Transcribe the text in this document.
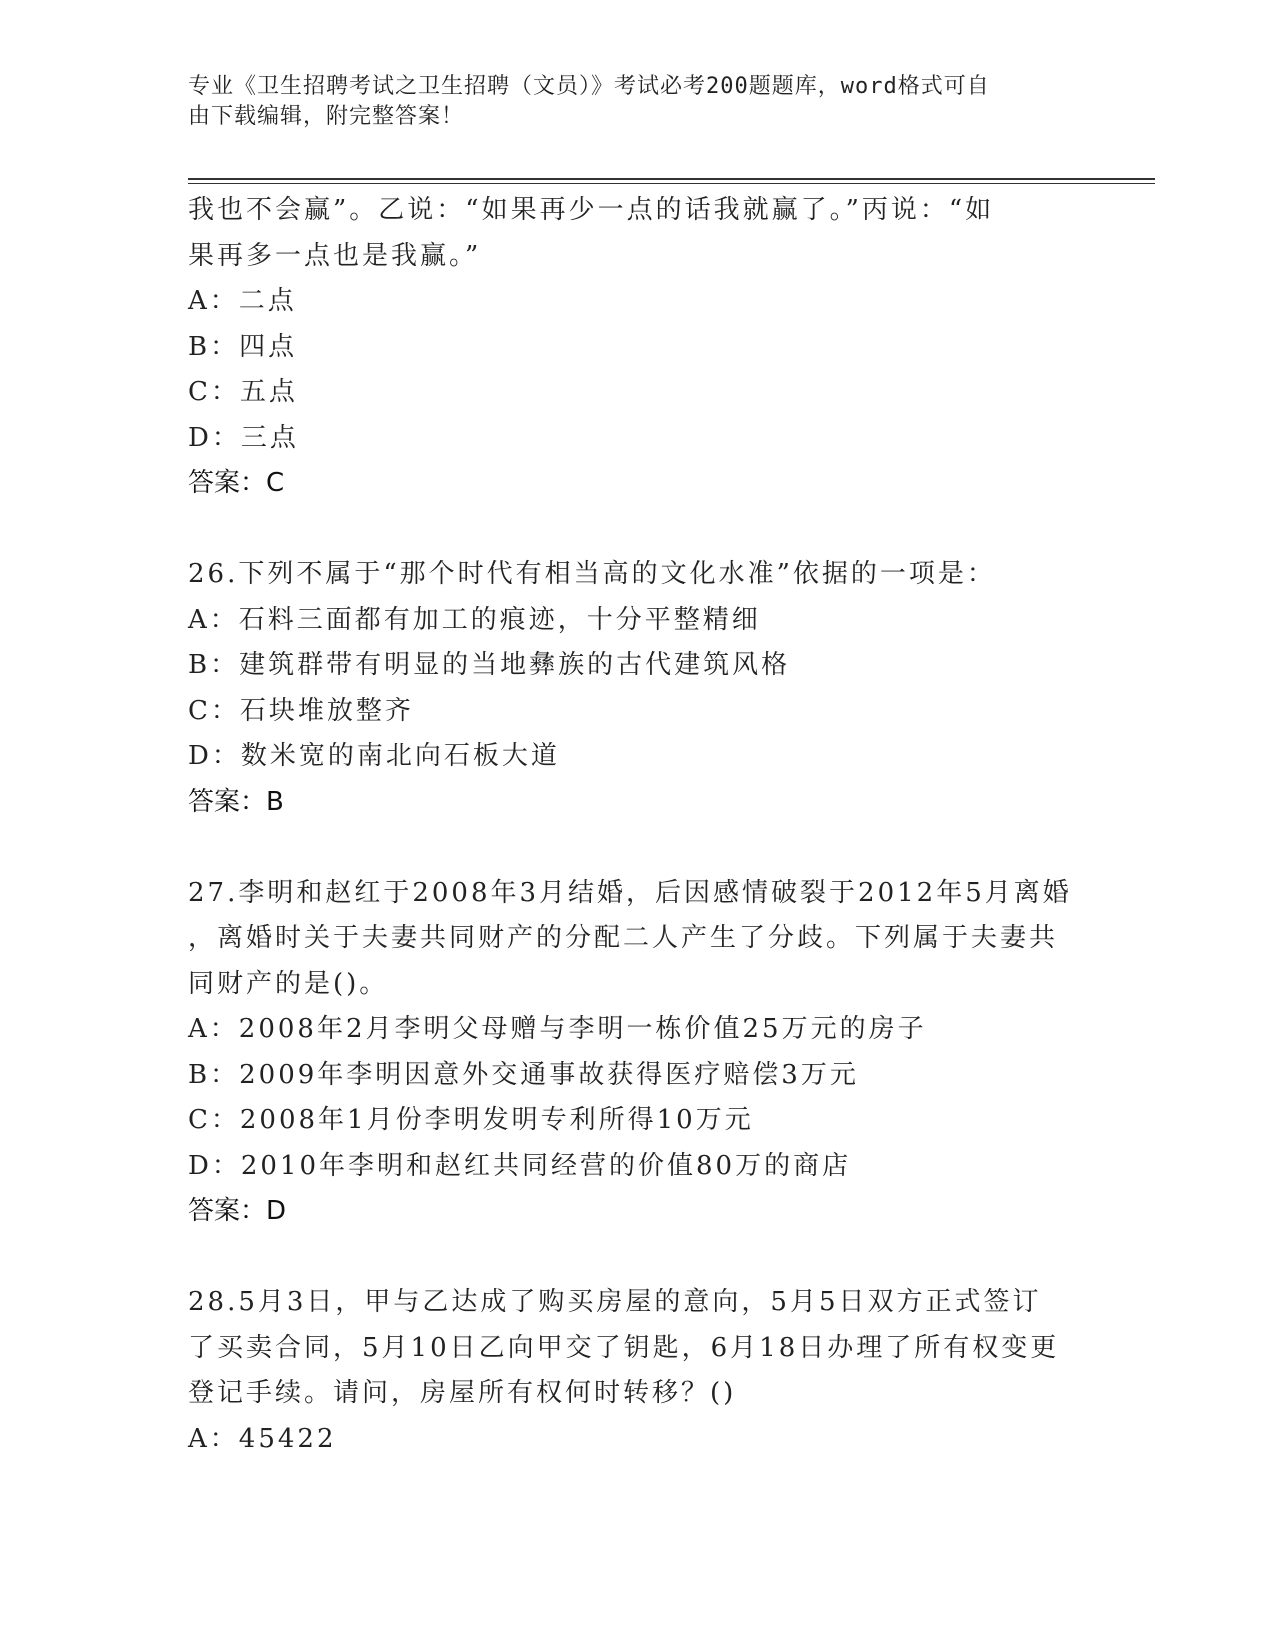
专业《卫生招聘考试之卫生招聘（文员）》考试必考200题题库，word格式可自
由下载编辑，附完整答案！
我也不会赢”。乙说：“如果再少一点的话我就赢了。”丙说：“如
果再多一点也是我赢。”
A：二点
B：四点
C：五点
D：三点
答案：C
26.下列不属于“那个时代有相当高的文化水准”依据的一项是：
A：石料三面都有加工的痕迹，十分平整精细
B：建筑群带有明显的当地彝族的古代建筑风格
C：石块堆放整齐
D：数米宽的南北向石板大道
答案：B
27.李明和赵红于2008年3月结婚，后因感情破裂于2012年5月离婚
，离婚时关于夫妻共同财产的分配二人产生了分歧。下列属于夫妻共
同财产的是()。
A：2008年2月李明父母赠与李明一栋价值25万元的房子
B：2009年李明因意外交通事故获得医疗赔偿3万元
C：2008年1月份李明发明专利所得10万元
D：2010年李明和赵红共同经营的价值80万的商店
答案：D
28.5月3日，甲与乙达成了购买房屋的意向，5月5日双方正式签订
了买卖合同，5月10日乙向甲交了钥匙，6月18日办理了所有权变更
登记手续。请问，房屋所有权何时转移？()
A：45422
